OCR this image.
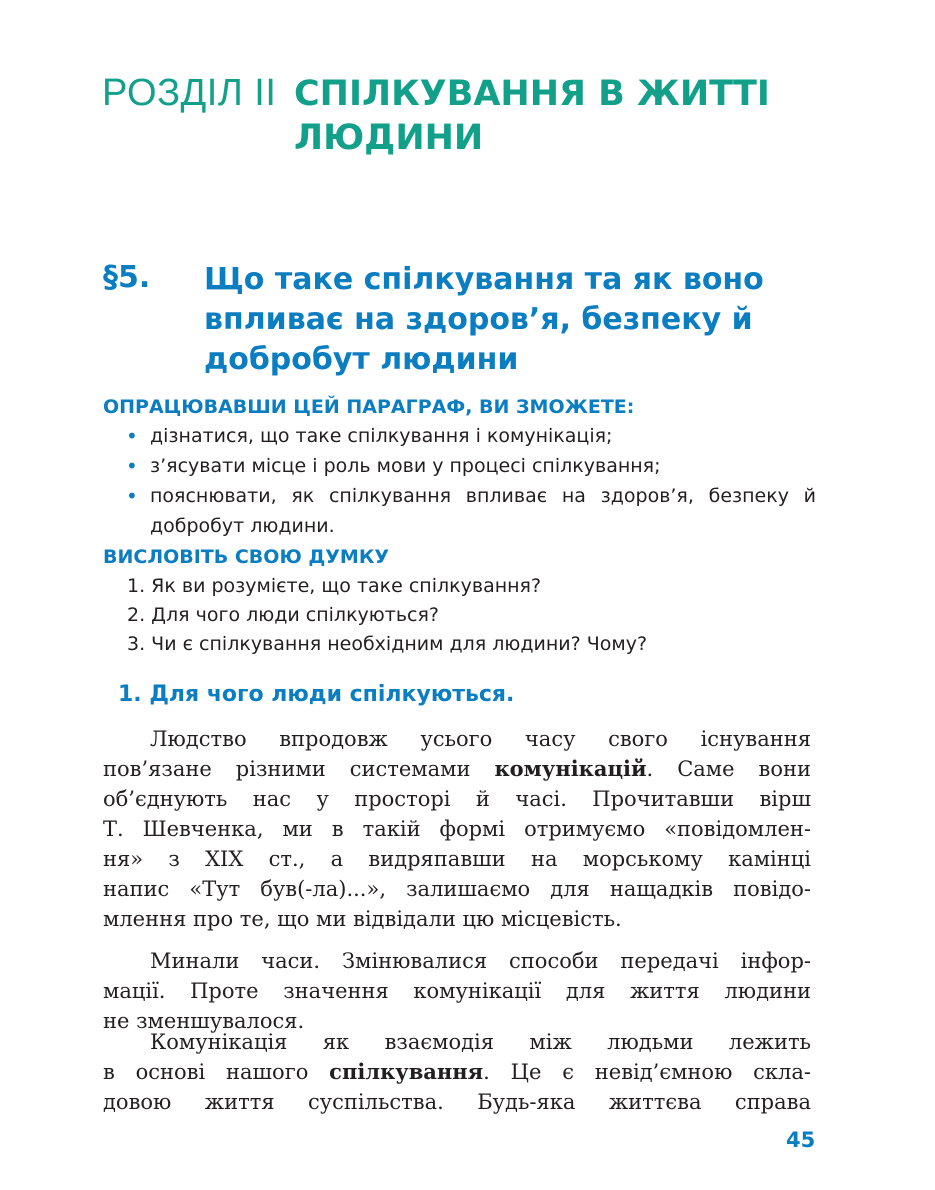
РОЗДІЛ II СПІЛКУВАННЯ В ЖИТТІ ЛЮДИНИ
§5. Що таке спілкування та як воно впливає на здоров’я, безпеку й добробут людини
ОПРАЦЮВАВШИ ЦЕЙ ПАРАГРАФ, ВИ ЗМОЖЕТЕ:
• дізнатися, що таке спілкування і комунікація;
• з’ясувати місце і роль мови у процесі спілкування;
• пояснювати, як спілкування впливає на здоров’я, безпеку й добробут людини.
ВИСЛОВІТЬ СВОЮ ДУМКУ
1. Як ви розумієте, що таке спілкування?
2. Для чого люди спілкуються?
3. Чи є спілкування необхідним для людини? Чому?
1. Для чого люди спілкуються.
Людство впродовж усього часу свого існування
пов’язане різними системами комунікацій. Саме вони
об’єднують нас у просторі й часі. Прочитавши вірш
Т. Шевченка, ми в такій формі отримуємо «повідомлен-
ня» з XIX ст., а видряпавши на морському камінці
напис «Тут був(-ла)...», залишаємо для нащадків повідо-
млення про те, що ми відвідали цю місцевість.
Минали часи. Змінювалися способи передачі інфор-
мації. Проте значення комунікації для життя людини
не зменшувалося.
Комунікація як взаємодія між людьми лежить
в основі нашого спілкування. Це є невід’ємною скла-
довою життя суспільства. Будь-яка життєва справа
45
